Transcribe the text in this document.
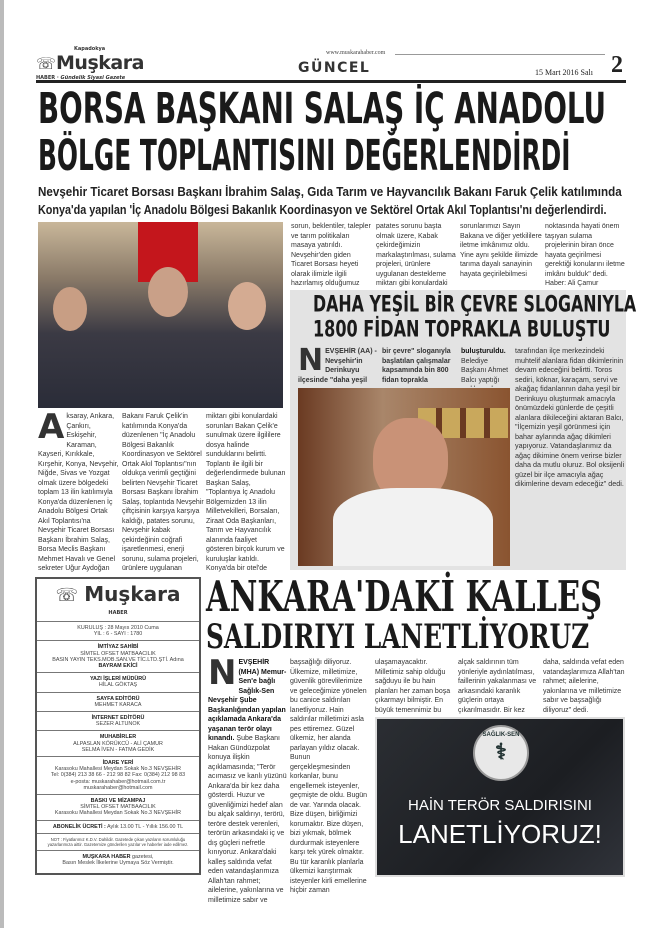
Kapadokya
☏Muşkara
HABER · Gündelik Siyasi Gazete
www.muskarahaber.com
GÜNCEL	15 Mart 2016 Salı 2
BORSA BAŞKANI SALAŞ İÇ ANADOLU
BÖLGE TOPLANTISINI DEĞERLENDİRDİ
Nevşehir Ticaret Borsası Başkanı İbrahim Salaş, Gıda Tarım ve Hayvancılık Bakanı Faruk Çelik katılımında
Konya'da yapılan 'İç Anadolu Bölgesi Bakanlık Koordinasyon ve Sektörel Ortak Akıl Toplantısı'nı değerlendirdi.
Aksaray, Ankara, Çankırı, Eskişehir, Karaman, Kayseri, Kırıkkale, Kırşehir, Konya, Nevşehir, Niğde, Sivas ve Yozgat olmak üzere bölgedeki toplam 13 ilin katılımıyla Konya'da düzenlenen İç Anadolu Bölgesi Ortak Akıl Toplantısı'na Nevşehir Ticaret Borsası Başkanı İbrahim Salaş, Borsa Meclis Başkanı Mehmet Havalı ve Genel sekreter Uğur Aydoğan
Bakanı Faruk Çelik'in katılımında Konya'da düzenlenen "İç Anadolu Bölgesi Bakanlık Koordinasyon ve Sektörel Ortak Akıl Toplantısı"nın oldukça verimli geçtiğini belirten Nevşehir Ticaret Borsası Başkanı İbrahim Salaş, toplantıda Nevşehir çiftçisinin karşıya karşıya kaldığı, patates sorunu, Nevşehir kabak çekirdeğinin coğrafi işaretlenmesi, enerji sorunu, sulama projeleri, ürünlere uygulanan
miktarı gibi konulardaki sorunları Bakan Çelik'e sunulmak üzere ilgililere dosya halinde sunduklarını belirtti. Toplantı ile ilgili bir değerlendirmede bulunan Başkan Salaş, "Toplantıya İç Anadolu Bölgemizden 13 ilin Milletvekilleri, Borsaları, Ziraat Oda Başkanları, Tarım ve Hayvancılık alanında faaliyet gösteren birçok kurum ve kuruluşlar katıldı. Konya'da bir otel'de
sorun, beklentiler, talepler ve tarım politikaları masaya yatırıldı. Nevşehir'den giden Ticaret Borsası heyeti olarak ilimizle ilgili hazırlamış olduğumuz
patates sorunu başta olmak üzere, Kabak çekirdeğimizin markalaştırılması, sulama projeleri, ürünlere uygulanan destekleme miktarı gibi konulardaki
sorunlarımızı Sayın Bakana ve diğer yetkililere iletme imkânımız oldu. Yine aynı şekilde ilimizde tarıma dayalı sanayinin hayata geçirilebilmesi
noktasında hayati önem taşıyan sulama projelerinin biran önce hayata geçirilmesi gerektiği konularını iletme imkânı bulduk" dedi. Haber: Ali Çamur
DAHA YEŞİL BİR ÇEVRE SLOGANIYLA
1800 FİDAN TOPRAKLA BULUŞTU
NEVŞEHİR (AA) - Nevşehir'in Derinkuyu ilçesinde "daha yeşil
bir çevre" sloganıyla başlatılan çalışmalar kapsamında bin 800 fidan toprakla
buluşturuldu. Belediye Başkanı Ahmet Balcı yaptığı
tarafından ilçe merkezindeki muhtelif alanlara fidan dikimlerinin devam edeceğini belirtti. Toros sediri, köknar, karaçam, servi ve akağaç fidanlarının daha yeşil bir Derinkuyu oluşturmak amacıyla önümüzdeki günlerde de çeşitli alanlara dikileceğini aktaran Balcı, "İlçemizin yeşil görünmesi için bahar aylarında ağaç dikimleri yapıyoruz. Vatandaşlarımız da ağaç dikimine önem verirse bizler daha da mutlu oluruz. Bol oksijenli güzel bir ilçe amacıyla ağaç dikimlerine devam edeceğiz" dedi.
☏ Muşkara
HABER
KURULUŞ : 28 Mayıs 2010 Cuma
YIL : 6 - SAYI : 1780
İMTİYAZ SAHİBİ
SİMTEL OFSET MATBAACILIK
BASIN YAYIN TEKS.MOB.SAN.VE TİC.LTD.ŞTİ. Adına
BAYRAM EKİCİ
YAZI İŞLERİ MÜDÜRÜ
HİLAL GÖKTAŞ
SAYFA EDİTÖRÜ
MEHMET KARACA
İNTERNET EDİTÖRÜ
SEZER ALTUNOK
MUHABİRLER
ALPASLAN KÖRÜKCÜ - ALİ ÇAMUR
SELMA İVEN - FATMA GEDİK
İDARE YERİ
Karasoku Mahallesi Meydan Sokak No.3 NEVŞEHİR
Tel: 0(384) 213 38 66 - 212 98 82 Fax: 0(384) 212 98 83
e-posta: muskarahaber@hotmail.com.tr
muskarahaber@hotmail.com
BASKI VE MİZAMPAJ
SİMTEL OFSET MATBAACILIK
Karasoku Mahallesi Meydan Sokak No.3 NEVŞEHİR
ABONELİK ÜCRETİ : Aylık 13.00 TL - Yıllık 156.00 TL
NOT : Fiyatlarımız K.D.V. Dahildir. Gazetede çıkan yazıların sorumluluğu yazarlarımıza aittir. Gazetemize gönderilen yazılar ve haberler iade edilmez.
MUŞKARA HABER gazetesi,
Basın Meslek İlkelerine Uymaya Söz Vermiştir.
ANKARA'DAKİ KALLEŞ
SALDIRIYI LANETLİYORUZ
NEVŞEHİR (MHA) Memur-Sen'e bağlı Sağlık-Sen Nevşehir Şube Başkanlığından yapılan açıklamada Ankara'da yaşanan terör olayı kınandı. Şube Başkanı Hakan Gündüzpolat konuya ilişkin açıklamasında; "Terör acımasız ve kanlı yüzünü Ankara'da bir kez daha gösterdi. Huzur ve güvenliğimizi hedef alan bu alçak saldırıyı, terörü, teröre destek verenleri, terörün arkasındaki iç ve dış güçleri nefretle kınıyoruz. Ankara'daki kalleş saldırıda vefat eden vatandaşlarımıza Allah'tan rahmet; ailelerine, yakınlarına ve milletimize sabır ve
başsağlığı diliyoruz. Ülkemize, milletimize, güvenlik görevlilerimize ve geleceğimize yönelen bu canice saldırıları lanetliyoruz. Hain saldırılar milletimizi asla pes ettiremez. Güzel ülkemiz, her alanda parlayan yıldız olacak. Bunun gerçekleşmesinden korkanlar, bunu engellemek isteyenler, geçmişte de oldu. Bugün de var. Yarında olacak. Bize düşen, birliğimizi korumaktır. Bize düşen, bizi yıkmak, bölmek durdurmak isteyenlere karşı tek yürek olmaktır. Bu tür karanlık planlarla ülkemizi karıştırmak isteyenler kirli emellerine hiçbir zaman
ulaşamayacaktır. Milletimiz sahip olduğu sağduyu ile bu hain planları her zaman boşa çıkarmayı bilmiştir. En büyük temennimiz bu
alçak saldırının tüm yönleriyle aydınlatılması, faillerinin yakalanması ve arkasındaki karanlık güçlerin ortaya çıkarılmasıdır. Bir kez
daha, saldırıda vefat eden vatandaşlarımıza Allah'tan rahmet; ailelerine, yakınlarına ve milletimize sabır ve başsağlığı diliyoruz" dedi.
SAĞLIK-SEN
⚕
HAİN TERÖR SALDIRISINI
LANETLİYORUZ!
